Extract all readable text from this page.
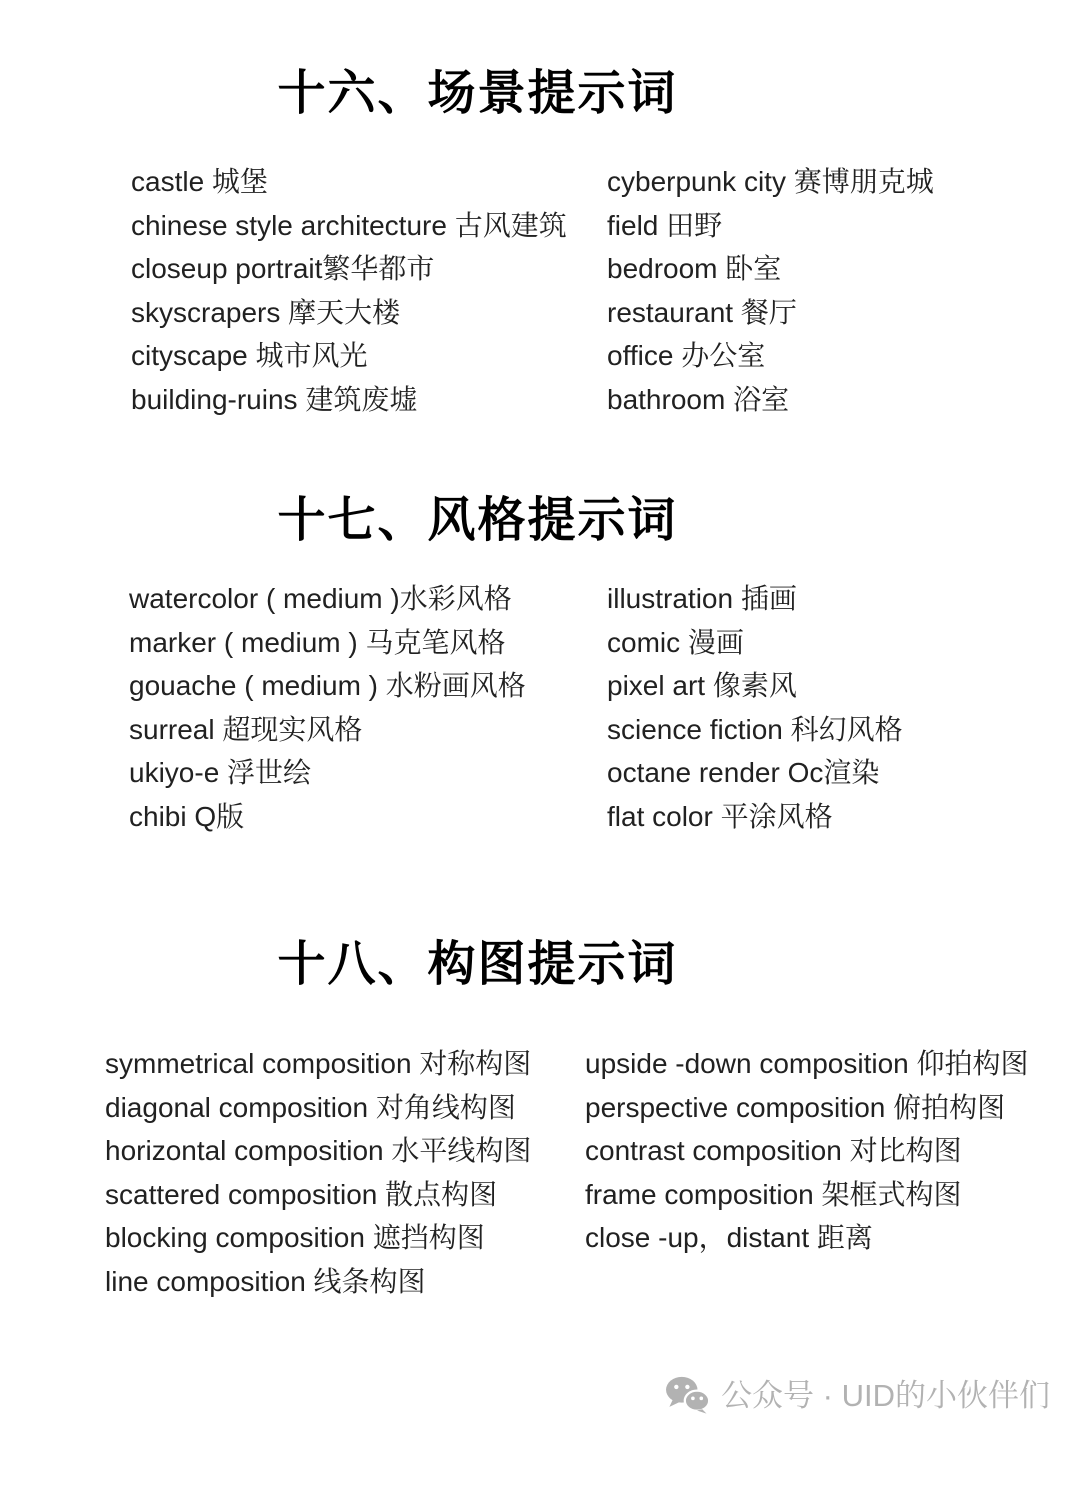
十六、场景提示词
castle 城堡
chinese style architecture 古风建筑
closeup portrait繁华都市
skyscrapers 摩天大楼
cityscape 城市风光
building-ruins 建筑废墟
cyberpunk city 赛博朋克城
field 田野
bedroom 卧室
restaurant 餐厅
office 办公室
bathroom 浴室
十七、风格提示词
watercolor ( medium )水彩风格
marker ( medium ) 马克笔风格
gouache ( medium ) 水粉画风格
surreal 超现实风格
ukiyo-e 浮世绘
chibi Q版
illustration 插画
comic 漫画
pixel art 像素风
science fiction 科幻风格
octane render Oc渲染
flat color 平涂风格
十八、构图提示词
symmetrical composition 对称构图
diagonal composition 对角线构图
horizontal composition 水平线构图
scattered composition 散点构图
blocking composition 遮挡构图
line composition 线条构图
upside -down composition 仰拍构图
perspective composition 俯拍构图
contrast composition 对比构图
frame composition 架框式构图
close -up，distant 距离
公众号 · UID的小伙伴们
